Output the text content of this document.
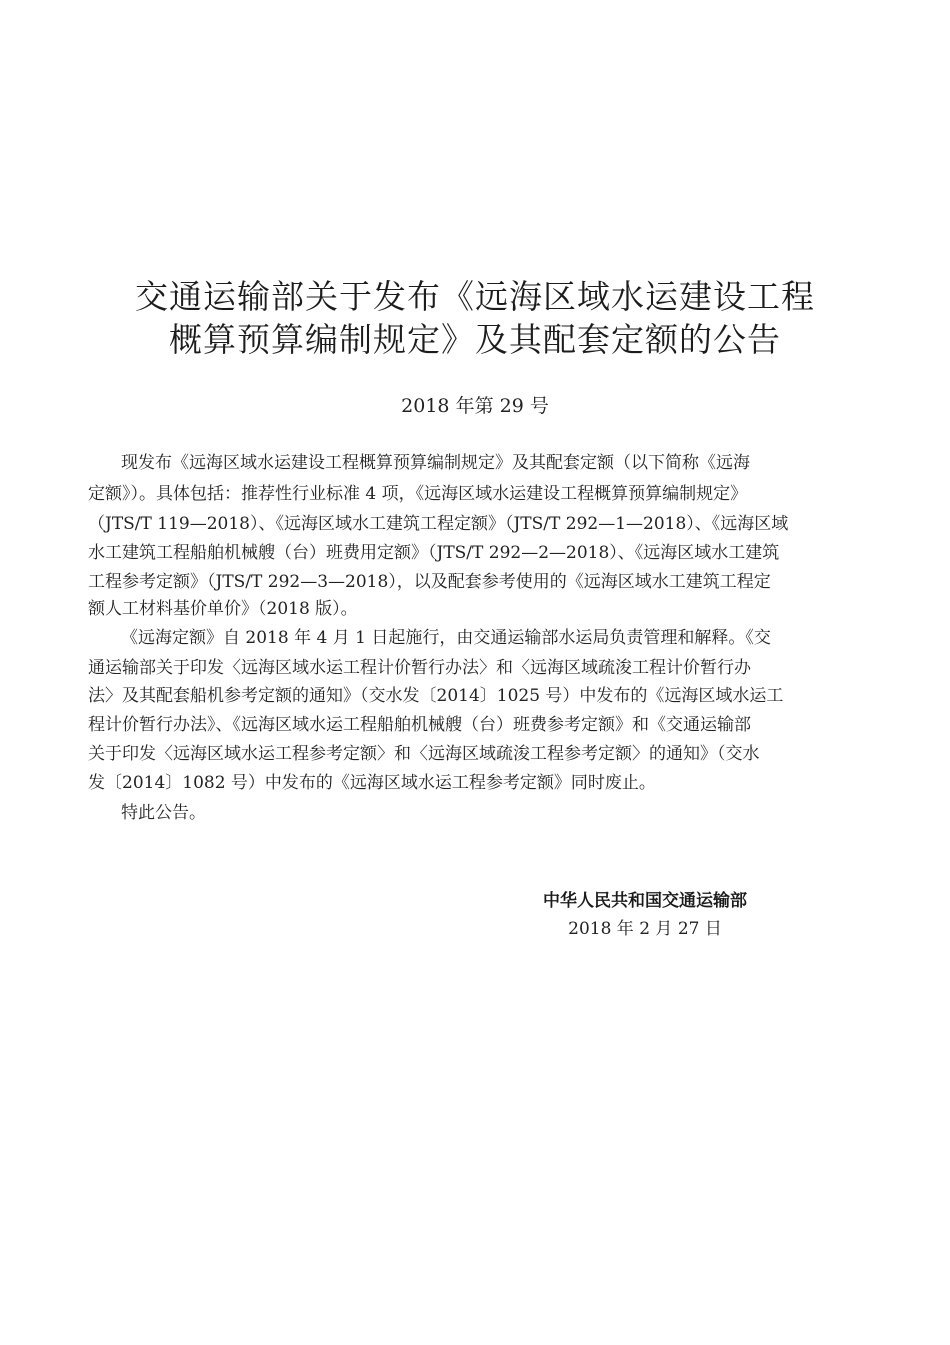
交通运输部关于发布《远海区域水运建设工程
概算预算编制规定》及其配套定额的公告
2018 年第 29 号
现发布《远海区域水运建设工程概算预算编制规定》及其配套定额（以下简称《远海
定额》）。具体包括：推荐性行业标准 4 项，《远海区域水运建设工程概算预算编制规定》
（JTS/T 119—2018）、《远海区域水工建筑工程定额》（JTS/T 292—1—2018）、《远海区域
水工建筑工程船舶机械艘（台）班费用定额》（JTS/T 292—2—2018）、《远海区域水工建筑
工程参考定额》（JTS/T 292—3—2018），以及配套参考使用的《远海区域水工建筑工程定
额人工材料基价单价》（2018 版）。
《远海定额》自 2018 年 4 月 1 日起施行，由交通运输部水运局负责管理和解释。《交
通运输部关于印发〈远海区域水运工程计价暂行办法〉和〈远海区域疏浚工程计价暂行办
法〉及其配套船机参考定额的通知》（交水发〔2014〕1025 号）中发布的《远海区域水运工
程计价暂行办法》、《远海区域水运工程船舶机械艘（台）班费参考定额》和《交通运输部
关于印发〈远海区域水运工程参考定额〉和〈远海区域疏浚工程参考定额〉的通知》（交水
发〔2014〕1082 号）中发布的《远海区域水运工程参考定额》同时废止。
特此公告。
中华人民共和国交通运输部
2018 年 2 月 27 日
